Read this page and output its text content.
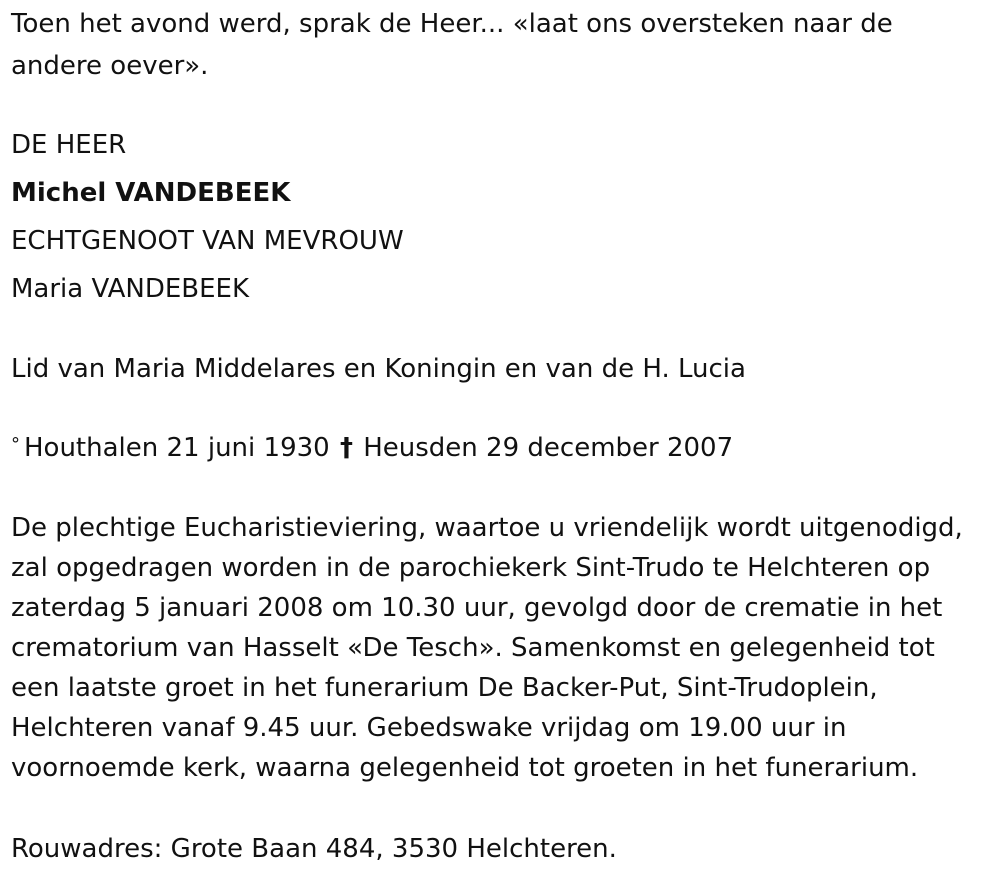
Toen het avond werd, sprak de Heer... «laat ons oversteken naar de

andere oever».

DE HEER

Michel VANDEBEEK

ECHTGENOOT VAN MEVROUW

Maria VANDEBEEK

Lid van Maria Middelares en Koningin en van de H. Lucia

° Houthalen 21 juni 1930 † Heusden 29 december 2007

De plechtige Eucharistieviering, waartoe u vriendelijk wordt uitgenodigd,

zal opgedragen worden in de parochiekerk Sint-Trudo te Helchteren op

zaterdag 5 januari 2008 om 10.30 uur, gevolgd door de crematie in het

crematorium van Hasselt «De Tesch». Samenkomst en gelegenheid tot

een laatste groet in het funerarium De Backer-Put, Sint-Trudoplein,

Helchteren vanaf 9.45 uur. Gebedswake vrijdag om 19.00 uur in

voornoemde kerk, waarna gelegenheid tot groeten in het funerarium.

Rouwadres: Grote Baan 484, 3530 Helchteren.
